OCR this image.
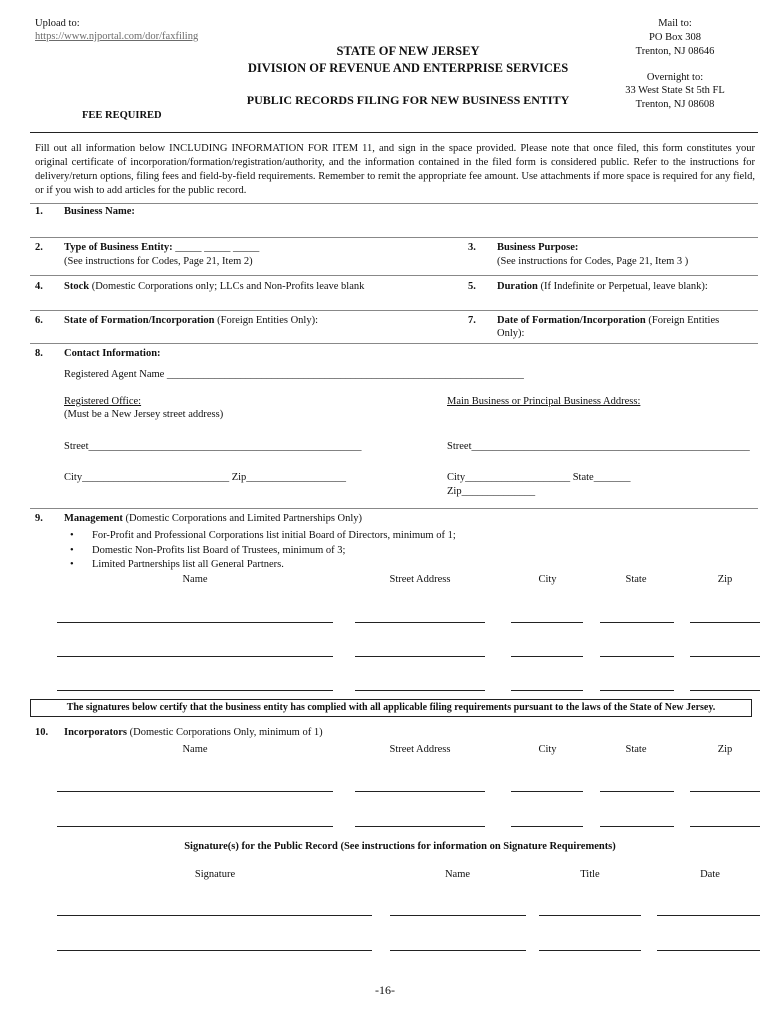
Upload to:
https://www.njportal.com/dor/faxfiling
STATE OF NEW JERSEY
DIVISION OF REVENUE AND ENTERPRISE SERVICES
PUBLIC RECORDS FILING FOR NEW BUSINESS ENTITY
FEE REQUIRED
Mail to:
PO Box 308
Trenton, NJ 08646
Overnight to:
33 West State St 5th FL
Trenton, NJ 08608
Fill out all information below INCLUDING INFORMATION FOR ITEM 11, and sign in the space provided. Please note that once filed, this form constitutes your original certificate of incorporation/formation/registration/authority, and the information contained in the filed form is considered public. Refer to the instructions for delivery/return options, filing fees and field-by-field requirements. Remember to remit the appropriate fee amount. Use attachments if more space is required for any field, or if you wish to add articles for the public record.
1. Business Name:
2. Type of Business Entity: _____ _____ _____
(See instructions for Codes, Page 21, Item 2)
3. Business Purpose:
(See instructions for Codes, Page 21, Item 3 )
4. Stock (Domestic Corporations only; LLCs and Non-Profits leave blank	5. Duration (If Indefinite or Perpetual, leave blank):
6. State of Formation/Incorporation (Foreign Entities Only):	7. Date of Formation/Incorporation (Foreign Entities
Only):
8. Contact Information:
Registered Agent Name ____________________________________________________________________
Registered Office:
(Must be a New Jersey street address)
Main Business or Principal Business Address:
Street____________________________________________________	Street_____________________________________________________
City____________________________ Zip___________________	City____________________ State_______
Zip______________
9. Management (Domestic Corporations and Limited Partnerships Only)
• For-Profit and Professional Corporations list initial Board of Directors, minimum of 1;
• Domestic Non-Profits list Board of Trustees, minimum of 3;
• Limited Partnerships list all General Partners.
Name	Street Address	City	State	Zip
The signatures below certify that the business entity has complied with all applicable filing requirements pursuant to the laws of the State of New Jersey.
10. Incorporators (Domestic Corporations Only, minimum of 1)
Name	Street Address	City	State	Zip
Signature(s) for the Public Record (See instructions for information on Signature Requirements)
Signature	Name	Title	Date
-16-
